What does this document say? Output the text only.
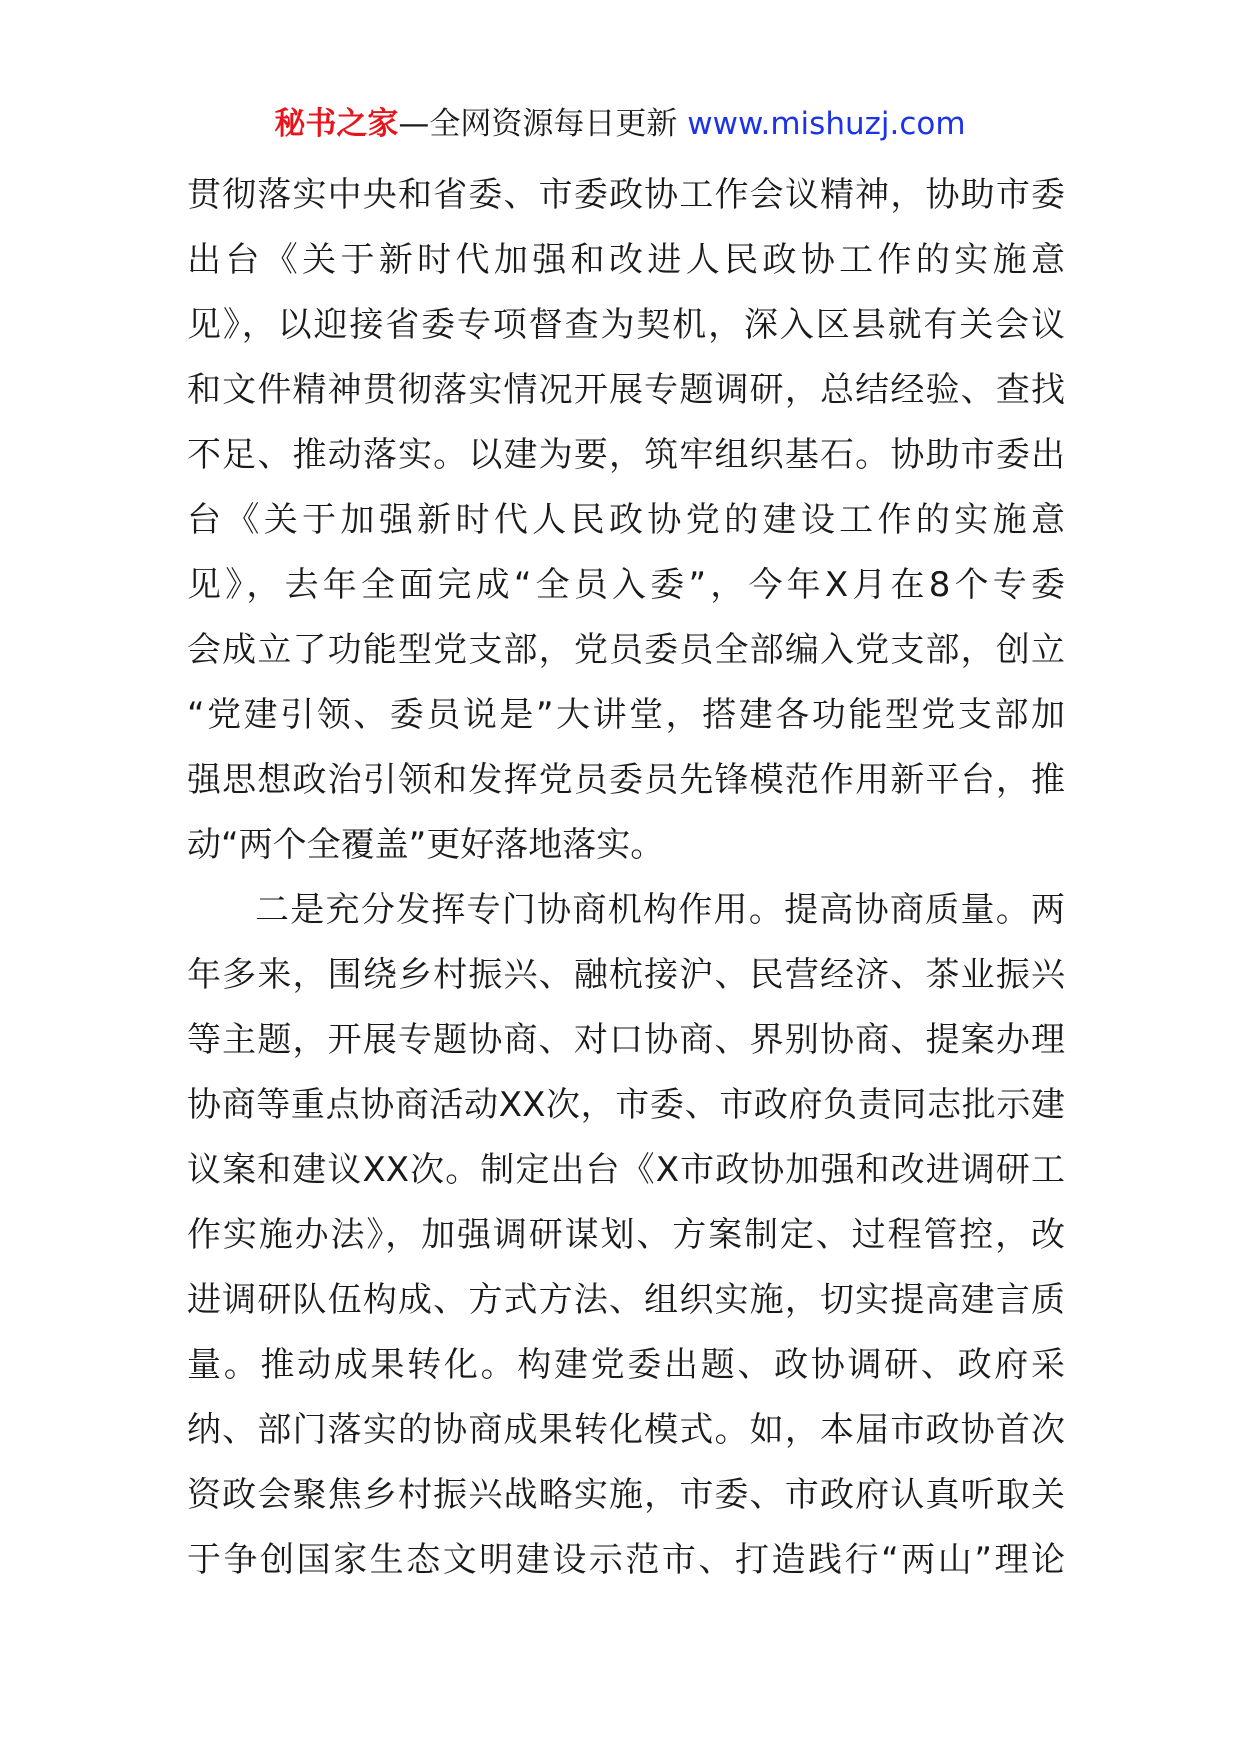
秘书之家—全网资源每日更新 www.mishuzj.com
贯彻落实中央和省委、市委政协工作会议精神，协助市委
出台《关于新时代加强和改进人民政协工作的实施意
见》，以迎接省委专项督查为契机，深入区县就有关会议
和文件精神贯彻落实情况开展专题调研，总结经验、查找
不足、推动落实。以建为要，筑牢组织基石。协助市委出
台《关于加强新时代人民政协党的建设工作的实施意
见》，去年全面完成“全员入委”，今年X月在8个专委
会成立了功能型党支部，党员委员全部编入党支部，创立
“党建引领、委员说是”大讲堂，搭建各功能型党支部加
强思想政治引领和发挥党员委员先锋模范作用新平台，推
动“两个全覆盖”更好落地落实。
二是充分发挥专门协商机构作用。提高协商质量。两
年多来，围绕乡村振兴、融杭接沪、民营经济、茶业振兴
等主题，开展专题协商、对口协商、界别协商、提案办理
协商等重点协商活动XX次，市委、市政府负责同志批示建
议案和建议XX次。制定出台《X市政协加强和改进调研工
作实施办法》，加强调研谋划、方案制定、过程管控，改
进调研队伍构成、方式方法、组织实施，切实提高建言质
量。推动成果转化。构建党委出题、政协调研、政府采
纳、部门落实的协商成果转化模式。如，本届市政协首次
资政会聚焦乡村振兴战略实施，市委、市政府认真听取关
于争创国家生态文明建设示范市、打造践行“两山”理论
